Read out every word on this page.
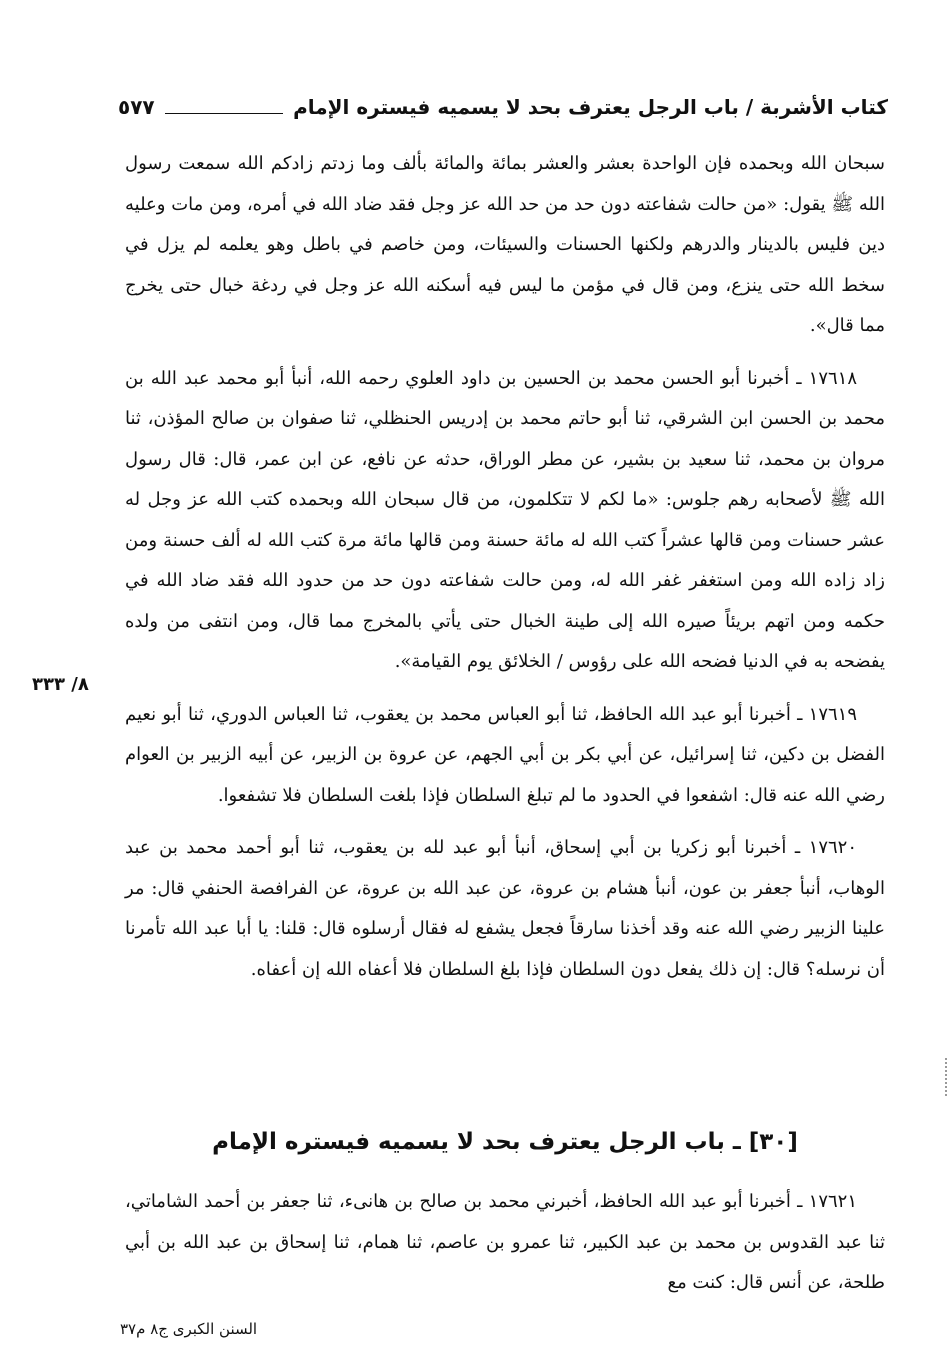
كتاب الأشربة / باب الرجل يعترف بحد لا يسميه فيستره الإمام
٥٧٧

سبحان الله وبحمده فإن الواحدة بعشر والعشر بمائة والمائة بألف وما زدتم زادكم الله سمعت رسول الله ﷺ يقول: «من حالت شفاعته دون حد من حد الله عز وجل فقد ضاد الله في أمره، ومن مات وعليه دين فليس بالدينار والدرهم ولكنها الحسنات والسيئات، ومن خاصم في باطل وهو يعلمه لم يزل في سخط الله حتى ينزع، ومن قال في مؤمن ما ليس فيه أسكنه الله عز وجل في ردغة خبال حتى يخرج مما قال».

١٧٦١٨ ـ أخبرنا أبو الحسن محمد بن الحسين بن داود العلوي رحمه الله، أنبأ أبو محمد عبد الله بن محمد بن الحسن ابن الشرقي، ثنا أبو حاتم محمد بن إدريس الحنظلي، ثنا صفوان بن صالح المؤذن، ثنا مروان بن محمد، ثنا سعيد بن بشير، عن مطر الوراق، حدثه عن نافع، عن ابن عمر، قال: قال رسول الله ﷺ لأصحابه رهم جلوس: «ما لكم لا تتكلمون، من قال سبحان الله وبحمده كتب الله عز وجل له عشر حسنات ومن قالها عشراً كتب الله له مائة حسنة ومن قالها مائة مرة كتب الله له ألف حسنة ومن زاد زاده الله ومن استغفر غفر الله له، ومن حالت شفاعته دون حد من حدود الله فقد ضاد الله في حكمه ومن اتهم بريئاً صيره الله إلى طينة الخبال حتى يأتي بالمخرج مما قال، ومن انتفى من ولده يفضحه به في الدنيا فضحه الله على رؤوس / الخلائق يوم القيامة».

١٧٦١٩ ـ أخبرنا أبو عبد الله الحافظ، ثنا أبو العباس محمد بن يعقوب، ثنا العباس الدوري، ثنا أبو نعيم الفضل بن دكين، ثنا إسرائيل، عن أبي بكر بن أبي الجهم، عن عروة بن الزبير، عن أبيه الزبير بن العوام رضي الله عنه قال: اشفعوا في الحدود ما لم تبلغ السلطان فإذا بلغت السلطان فلا تشفعوا.

١٧٦٢٠ ـ أخبرنا أبو زكريا بن أبي إسحاق، أنبأ أبو عبد لله بن يعقوب، ثنا أبو أحمد محمد بن عبد الوهاب، أنبأ جعفر بن عون، أنبأ هشام بن عروة، عن عبد الله بن عروة، عن الفرافصة الحنفي قال: مر علينا الزبير رضي الله عنه وقد أخذنا سارقاً فجعل يشفع له فقال أرسلوه قال: قلنا: يا أبا عبد الله تأمرنا أن نرسله؟ قال: إن ذلك يفعل دون السلطان فإذا بلغ السلطان فلا أعفاه الله إن أعفاه.

٨/ ٣٣٣
[٣٠] ـ باب الرجل يعترف بحد لا يسميه فيستره الإمام

١٧٦٢١ ـ أخبرنا أبو عبد الله الحافظ، أخبرني محمد بن صالح بن هانىء، ثنا جعفر بن أحمد الشاماتي، ثنا عبد القدوس بن محمد بن عبد الكبير، ثنا عمرو بن عاصم، ثنا همام، ثنا إسحاق بن عبد الله بن أبي طلحة، عن أنس قال: كنت مع

السنن الكبرى ج٨ م٣٧
